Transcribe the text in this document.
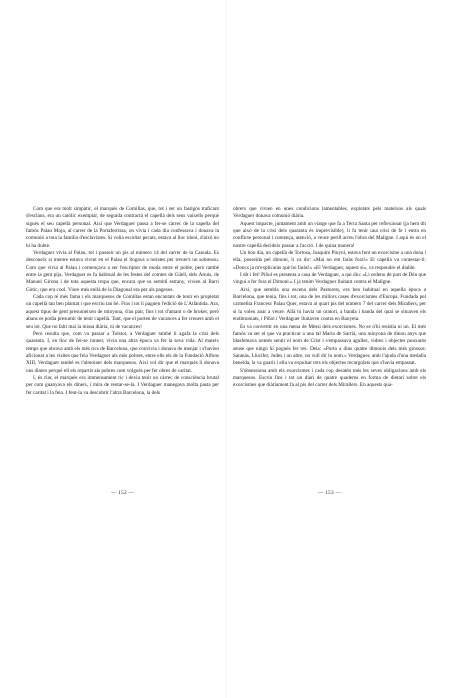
Com que era molt simpàtic, el marquès de Comillas, que, tot i ser un fastigós traficant d'esclaus, era un catòlic exemplar, de seguida contractà el capellà dels seus vaixells perquè sigués el seu capellà personal. Així que Verdaguer passa a fer-se càrrec de la capella del famós Palau Moja, al carrer de la Portaferrissa, on vivia i cada dia confessava i donava la comunió a tota la família d'esclavistes. Si volia escoltar pecats, estava al lloc idoni, d'això no hi ha dubte.

Verdaguer vivia al Palau, tot i posseir un pis al número 14 del carrer de la Canuda. Es desconeix si mentre estava vivint en el Palau el llogava a turistes per treure's un sobresou. Com que vivia al Palau i començava a ser l'escriptor de moda entre el poble, però també entre la gent pija, Verdaguer es fa habitual de les festes del comtes de Güell, dels Arnús, de Manuel Girona i de tota aquesta tropa que, encara que us sembli estrany, vivien al Barri Gòtic, que era cool. Viure més enllà de la Diagonal era per als pagesos.

Cada cop té més fama i els marquesos de Comillas estan encantats de tenir en propietat un capellà tan ben plantat i que escriu tan bé. Fins i tot li paguen l'edició de L'Atlàntida. Ara, aquest tipus de gent presumeixen de minyona, d'au pair, fins i tot d'amant o de broker, però abans es podia presumir de tenir capellà. Tant, que el porten de vacances a fer creuers amb el seu iot. Que no falti mai la missa diària, ni de vacances!

Però resulta que, com va passar a Tolstoi, a Verdaguer també li agafa la crisi dels quaranta. I, en lloc de fer-se runner, vivia una altra època va fer la seva vida. Al mateix temps que obrava amb els més rics de Barcelona, que convivia i donava de menjar i s'havien aficionat a les visites que feia Verdaguer als més pobres, entre ells els de la Fundació Alfons XIII, Verdaguer també es l'almoiner dels marquesos. Així vol dir que el marquès li donava uns diners perquè ell els repartís als pobres com volgués per fer obres de caritat.

I, és clar, el marquès era immensament ric i devia tenir un càrrec de consciència brutal per com guanyava els diners, i mira de rentar-se-la. I Verdaguer manegava molta pasta per fer caritat i la feia. I fent-la va descobrir l'altra Barcelona, la dels

— 152 —

obrers que vivien en unes condicions lamentables, explotats pels mateixos als quals Verdaguer donava comunió diària.

Aquest impacte, juntament amb un viatge que fa a Terra Santa per reflexionar (ja hem dit que això de la crisi dels quaranta és imprevisible), li fa tenir una crisi de fe i entra en conflicte personal i comença, atenció, a veure perill arreu l'obra del Maligne. I aquí és on el nostre capellà decideix passar a l'acció. I de quina manera!

Un bon dia, un capellà de Tortosa, Joaquim Pinyol, estava fent un exorcisme a una dona i ella, posseïda pel dimoni, li va dir: «Mai no em faràs fora!» El capellà va contestar-li: «Doncs ja m'explicaràs què ho faràs!» «El Verdaguer, aquest sí», va respondre el diable.

I dit i fet! Piñol es presenta a casa de Verdaguer, a qui diu: «Li ordeno de part de Déu que vingui a fer fora el Dimoni.» I ja tenim Verdaguer lluitant contra el Maligne.

Així, que sembla una escena dels Pastorets, era ben habitual en aquella època a Barcelona, que tenia, fins i tot, una de les millors cases d'exorcismes d'Europa. Fundada pel carmelita Francesc Palau Quer, estava al quart pis del número 7 del carrer dels Mirallers, per si la voleu anar a veure. Allà hi havia un oratori, a banda i banda del qual se situaven els endimoniats, i Piñol i Verdaguer lluitaven contra en Banyeta.

Es va convertir en una mena de Messi dels exorcismes. No se n'hi resistia ni un. El més famós va ser el que va practicar a una tal Maria de Sarrià, una minyona de dinou anys que blasfemava només sentir el nom de Crist i s'empassava agulles, vidres i objectes punxants sense que ningú hi pogués fer res. Deia: «Porto a dins quatre dimonis dels més grossos: Satanàs, Llucifer, Judes i un altre, no vull dir lo nom.» Verdaguer, amb l'ajuda d'una medalla beneïda, la va guarir i ella va expulsar tots els objectes recargolats que s'havia empassat.

S'obsessiona amb els exorcismes i cada cop desatén més les seves obligacions amb els marquesos. Escriu fins i tot un diari de quatre quaderns en forma de dietari sobre els exorcismes que diàriament fa al pis del carrer dels Mirallers. En aquests qua-

— 153 —
